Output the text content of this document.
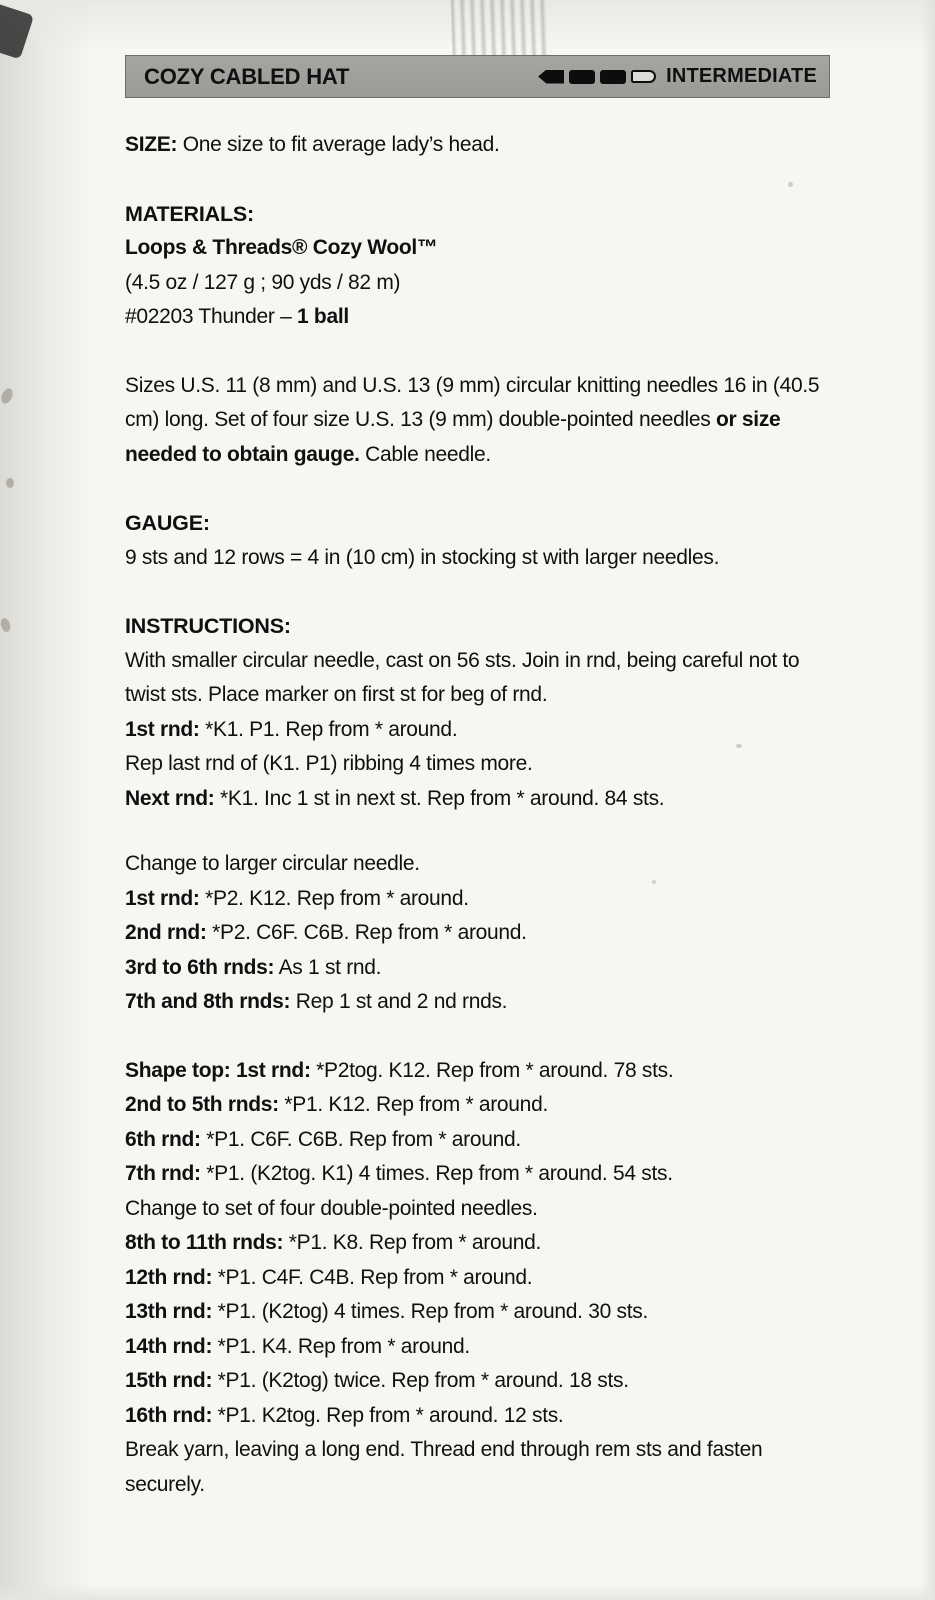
COZY CABLED HAT	INTERMEDIATE
SIZE: One size to fit average lady’s head.
MATERIALS:
Loops & Threads® Cozy Wool™
(4.5 oz / 127 g ; 90 yds / 82 m)
#02203 Thunder – 1 ball
Sizes U.S. 11 (8 mm) and U.S. 13 (9 mm) circular knitting needles 16 in (40.5 cm) long. Set of four size U.S. 13 (9 mm) double-pointed needles or size needed to obtain gauge. Cable needle.
GAUGE:
9 sts and 12 rows = 4 in (10 cm) in stocking st with larger needles.
INSTRUCTIONS:
With smaller circular needle, cast on 56 sts. Join in rnd, being careful not to twist sts. Place marker on first st for beg of rnd.
1st rnd: *K1. P1. Rep from * around.
Rep last rnd of (K1. P1) ribbing 4 times more.
Next rnd: *K1. Inc 1 st in next st. Rep from * around. 84 sts.
Change to larger circular needle.
1st rnd: *P2. K12. Rep from * around.
2nd rnd: *P2. C6F. C6B. Rep from * around.
3rd to 6th rnds: As 1 st rnd.
7th and 8th rnds: Rep 1 st and 2 nd rnds.
Shape top: 1st rnd: *P2tog. K12. Rep from * around. 78 sts.
2nd to 5th rnds: *P1. K12. Rep from * around.
6th rnd: *P1. C6F. C6B. Rep from * around.
7th rnd: *P1. (K2tog. K1) 4 times. Rep from * around. 54 sts.
Change to set of four double-pointed needles.
8th to 11th rnds: *P1. K8. Rep from * around.
12th rnd: *P1. C4F. C4B. Rep from * around.
13th rnd: *P1. (K2tog) 4 times. Rep from * around. 30 sts.
14th rnd: *P1. K4. Rep from * around.
15th rnd: *P1. (K2tog) twice. Rep from * around. 18 sts.
16th rnd: *P1. K2tog. Rep from * around. 12 sts.
Break yarn, leaving a long end. Thread end through rem sts and fasten securely.
